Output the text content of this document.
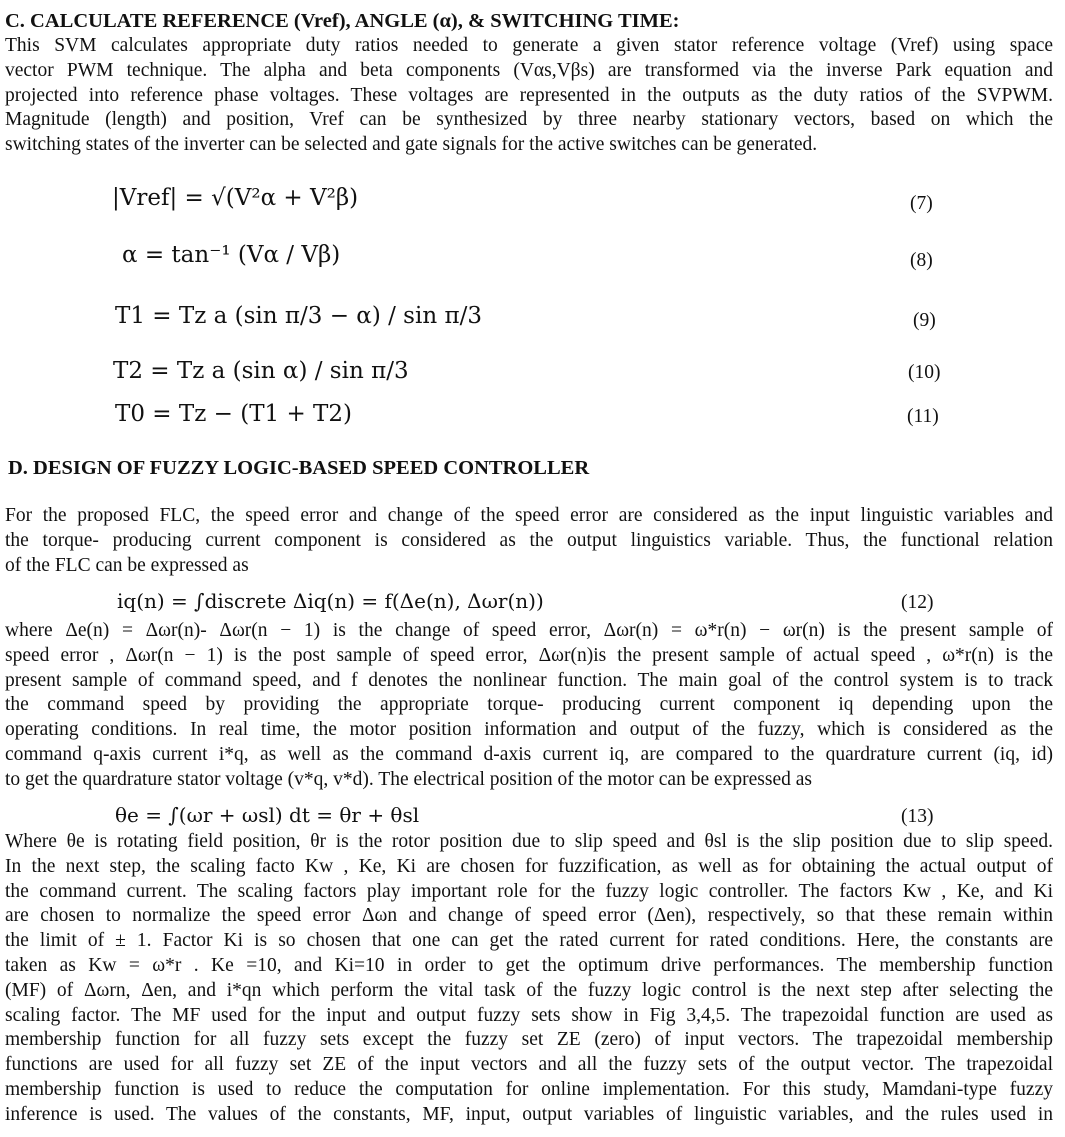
C. CALCULATE REFERENCE (Vref), ANGLE (α), & SWITCHING TIME:

This SVM calculates appropriate duty ratios needed to generate a given stator reference voltage (Vref) using space
vector PWM technique. The alpha and beta components (Vαs,Vβs) are transformed via the inverse Park equation and
projected into reference phase voltages. These voltages are represented in the outputs as the duty ratios of the SVPWM.
Magnitude (length) and position, Vref can be synthesized by three nearby stationary vectors, based on which the
switching states of the inverter can be selected and gate signals for the active switches can be generated.

|Vref| = √(V²α + V²β)	(7)
α = tan⁻¹ (Vα / Vβ)	(8)
T1 = Tz a (sin π/3 − α) / sin π/3	(9)
T2 = Tz a (sin α) / sin π/3	(10)
T0 = Tz − (T1 + T2)	(11)
D. DESIGN OF FUZZY LOGIC-BASED SPEED CONTROLLER

For the proposed FLC, the speed error and change of the speed error are considered as the input linguistic variables and
the torque- producing current component is considered as the output linguistics variable. Thus, the functional relation
of the FLC can be expressed as

iq(n) = ∫discrete Δiq(n) = f(Δe(n), Δωr(n))	(12)

where Δe(n) = Δωr(n)- Δωr(n − 1) is the change of speed error, Δωr(n) = ω*r(n) − ωr(n) is the present sample of
speed error , Δωr(n − 1) is the post sample of speed error, Δωr(n)is the present sample of actual speed , ω*r(n) is the
present sample of command speed, and f denotes the nonlinear function. The main goal of the control system is to track
the command speed by providing the appropriate torque- producing current component iq depending upon the
operating conditions. In real time, the motor position information and output of the fuzzy, which is considered as the
command q-axis current i*q, as well as the command d-axis current iq, are compared to the quardrature current (iq, id)
to get the quardrature stator voltage (v*q, v*d). The electrical position of the motor can be expressed as

θe = ∫(ωr + ωsl) dt = θr + θsl	(13)

Where θe is rotating field position, θr is the rotor position due to slip speed and θsl is the slip position due to slip speed.
In the next step, the scaling facto Kw , Ke, Ki are chosen for fuzzification, as well as for obtaining the actual output of
the command current. The scaling factors play important role for the fuzzy logic controller. The factors Kw , Ke, and Ki
are chosen to normalize the speed error Δωn and change of speed error (Δen), respectively, so that these remain within
the limit of ± 1. Factor Ki is so chosen that one can get the rated current for rated conditions. Here, the constants are
taken as Kw = ω*r . Ke =10, and Ki=10 in order to get the optimum drive performances. The membership function
(MF) of Δωrn, Δen, and i*qn which perform the vital task of the fuzzy logic control is the next step after selecting the
scaling factor. The MF used for the input and output fuzzy sets show in Fig 3,4,5. The trapezoidal function are used as
membership function for all fuzzy sets except the fuzzy set ZE (zero) of input vectors. The trapezoidal membership
functions are used for all fuzzy set ZE of the input vectors and all the fuzzy sets of the output vector. The trapezoidal
membership function is used to reduce the computation for online implementation. For this study, Mamdani-type fuzzy
inference is used. The values of the constants, MF, input, output variables of linguistic variables, and the rules used in
